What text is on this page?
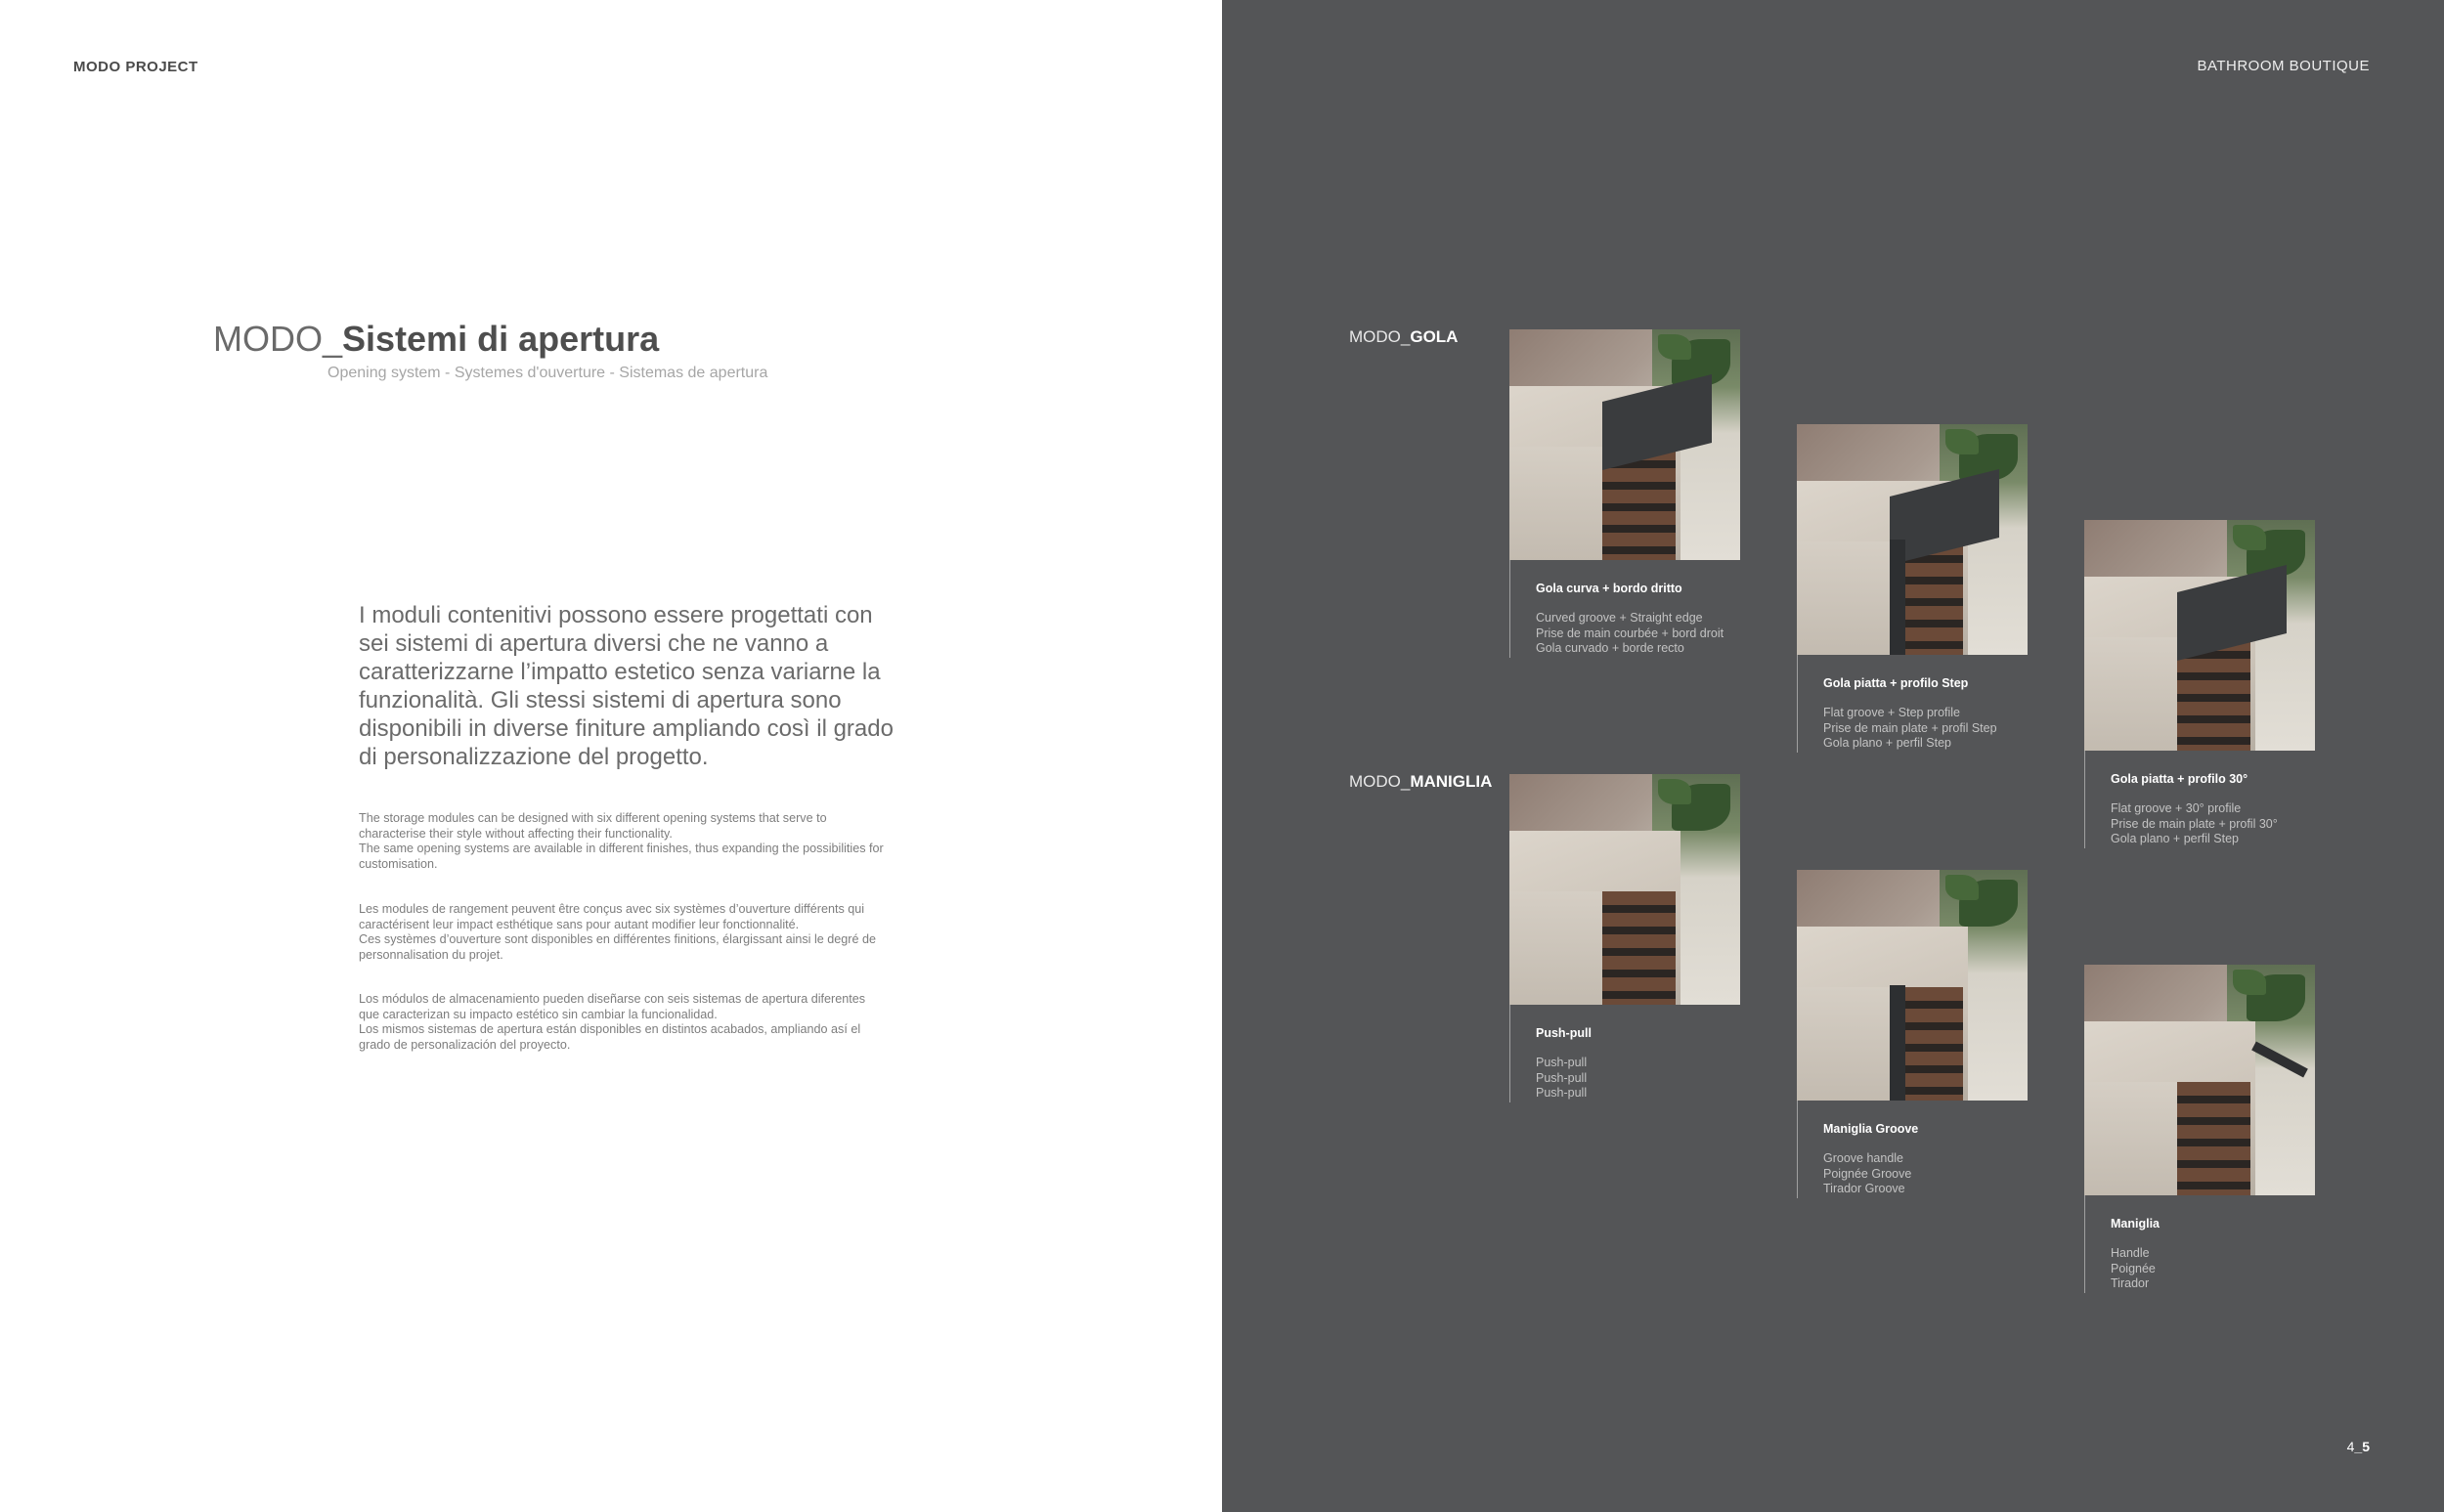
MODO PROJECT
MODO_Sistemi di apertura
Opening system - Systemes d'ouverture - Sistemas de apertura
I moduli contenitivi possono essere progettati con sei sistemi di apertura diversi che ne vanno a caratterizzarne l’impatto estetico senza variarne la funzionalità. Gli stessi sistemi di apertura sono disponibili in diverse finiture ampliando così il grado di personalizzazione del progetto.
The storage modules can be designed with six different opening systems that serve to characterise their style without affecting their functionality.
The same opening systems are available in different finishes, thus expanding the possibilities for customisation.
Les modules de rangement peuvent être conçus avec six systèmes d’ouverture différents qui caractérisent leur impact esthétique sans pour autant modifier leur fonctionnalité.
Ces systèmes d’ouverture sont disponibles en différentes finitions, élargissant ainsi le degré de personnalisation du projet.
Los módulos de almacenamiento pueden diseñarse con seis sistemas de apertura diferentes que caracterizan su impacto estético sin cambiar la funcionalidad.
Los mismos sistemas de apertura están disponibles en distintos acabados, ampliando así el grado de personalización del proyecto.
BATHROOM BOUTIQUE
MODO_GOLA
MODO_MANIGLIA
Gola curva + bordo dritto
Curved groove + Straight edge
Prise de main courbée + bord droit
Gola curvado + borde recto
Gola piatta + profilo Step
Flat groove + Step profile
Prise de main plate + profil Step
Gola plano + perfil Step
Gola piatta + profilo 30°
Flat groove + 30° profile
Prise de main plate + profil 30°
Gola plano + perfil Step
Push-pull
Push-pull
Push-pull
Push-pull
Maniglia Groove
Groove handle
Poignée Groove
Tirador Groove
Maniglia
Handle
Poignée
Tirador
4_5
